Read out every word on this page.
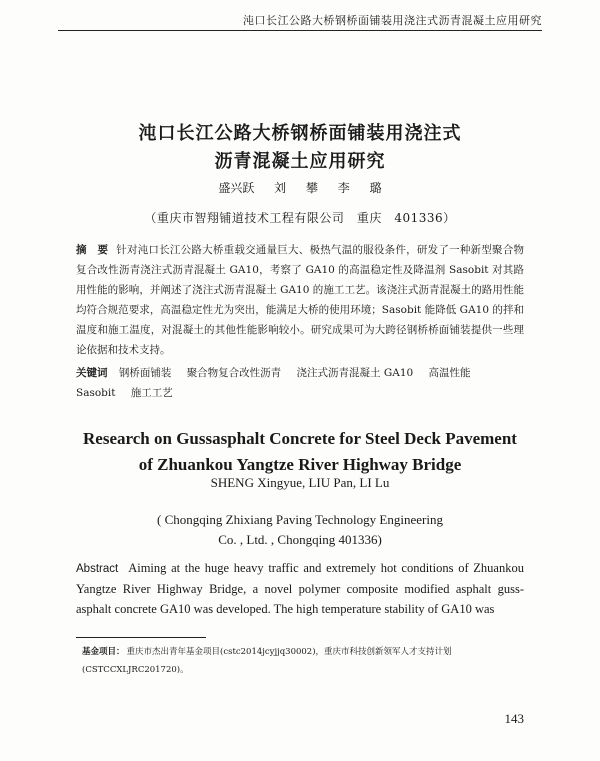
沌口长江公路大桥钢桥面铺装用浇注式沥青混凝土应用研究
沌口长江公路大桥钢桥面铺装用浇注式
沥青混凝土应用研究
盛兴跃 刘 攀 李 璐
（重庆市智翔铺道技术工程有限公司　重庆　401336）
摘　要 针对沌口长江公路大桥重载交通量巨大、极热气温的服役条件，研发了一种新型聚合物复合改性沥青浇注式沥青混凝土 GA10，考察了 GA10 的高温稳定性及降温剂 Sasobit 对其路用性能的影响，并阐述了浇注式沥青混凝土 GA10 的施工工艺。该浇注式沥青混凝土的路用性能均符合规范要求，高温稳定性尤为突出，能满足大桥的使用环境；Sasobit 能降低 GA10 的拌和温度和施工温度，对混凝土的其他性能影响较小。研究成果可为大跨径钢桥桥面铺装提供一些理论依据和技术支持。
关键词 钢桥面铺装 聚合物复合改性沥青 浇注式沥青混凝土 GA10 高温性能 Sasobit 施工工艺
Research on Gussasphalt Concrete for Steel Deck Pavement
of Zhuankou Yangtze River Highway Bridge
SHENG Xingyue, LIU Pan, LI Lu
( Chongqing Zhixiang Paving Technology Engineering
Co. , Ltd. , Chongqing 401336)
Abstract Aiming at the huge heavy traffic and extremely hot conditions of Zhuankou Yangtze River Highway Bridge, a novel polymer composite modified asphalt guss-asphalt concrete GA10 was developed. The high temperature stability of GA10 was
基金项目： 重庆市杰出青年基金项目(cstc2014jcyjjq30002)，重庆市科技创新领军人才支持计划(CSTCCXLJRC201720)。
143
